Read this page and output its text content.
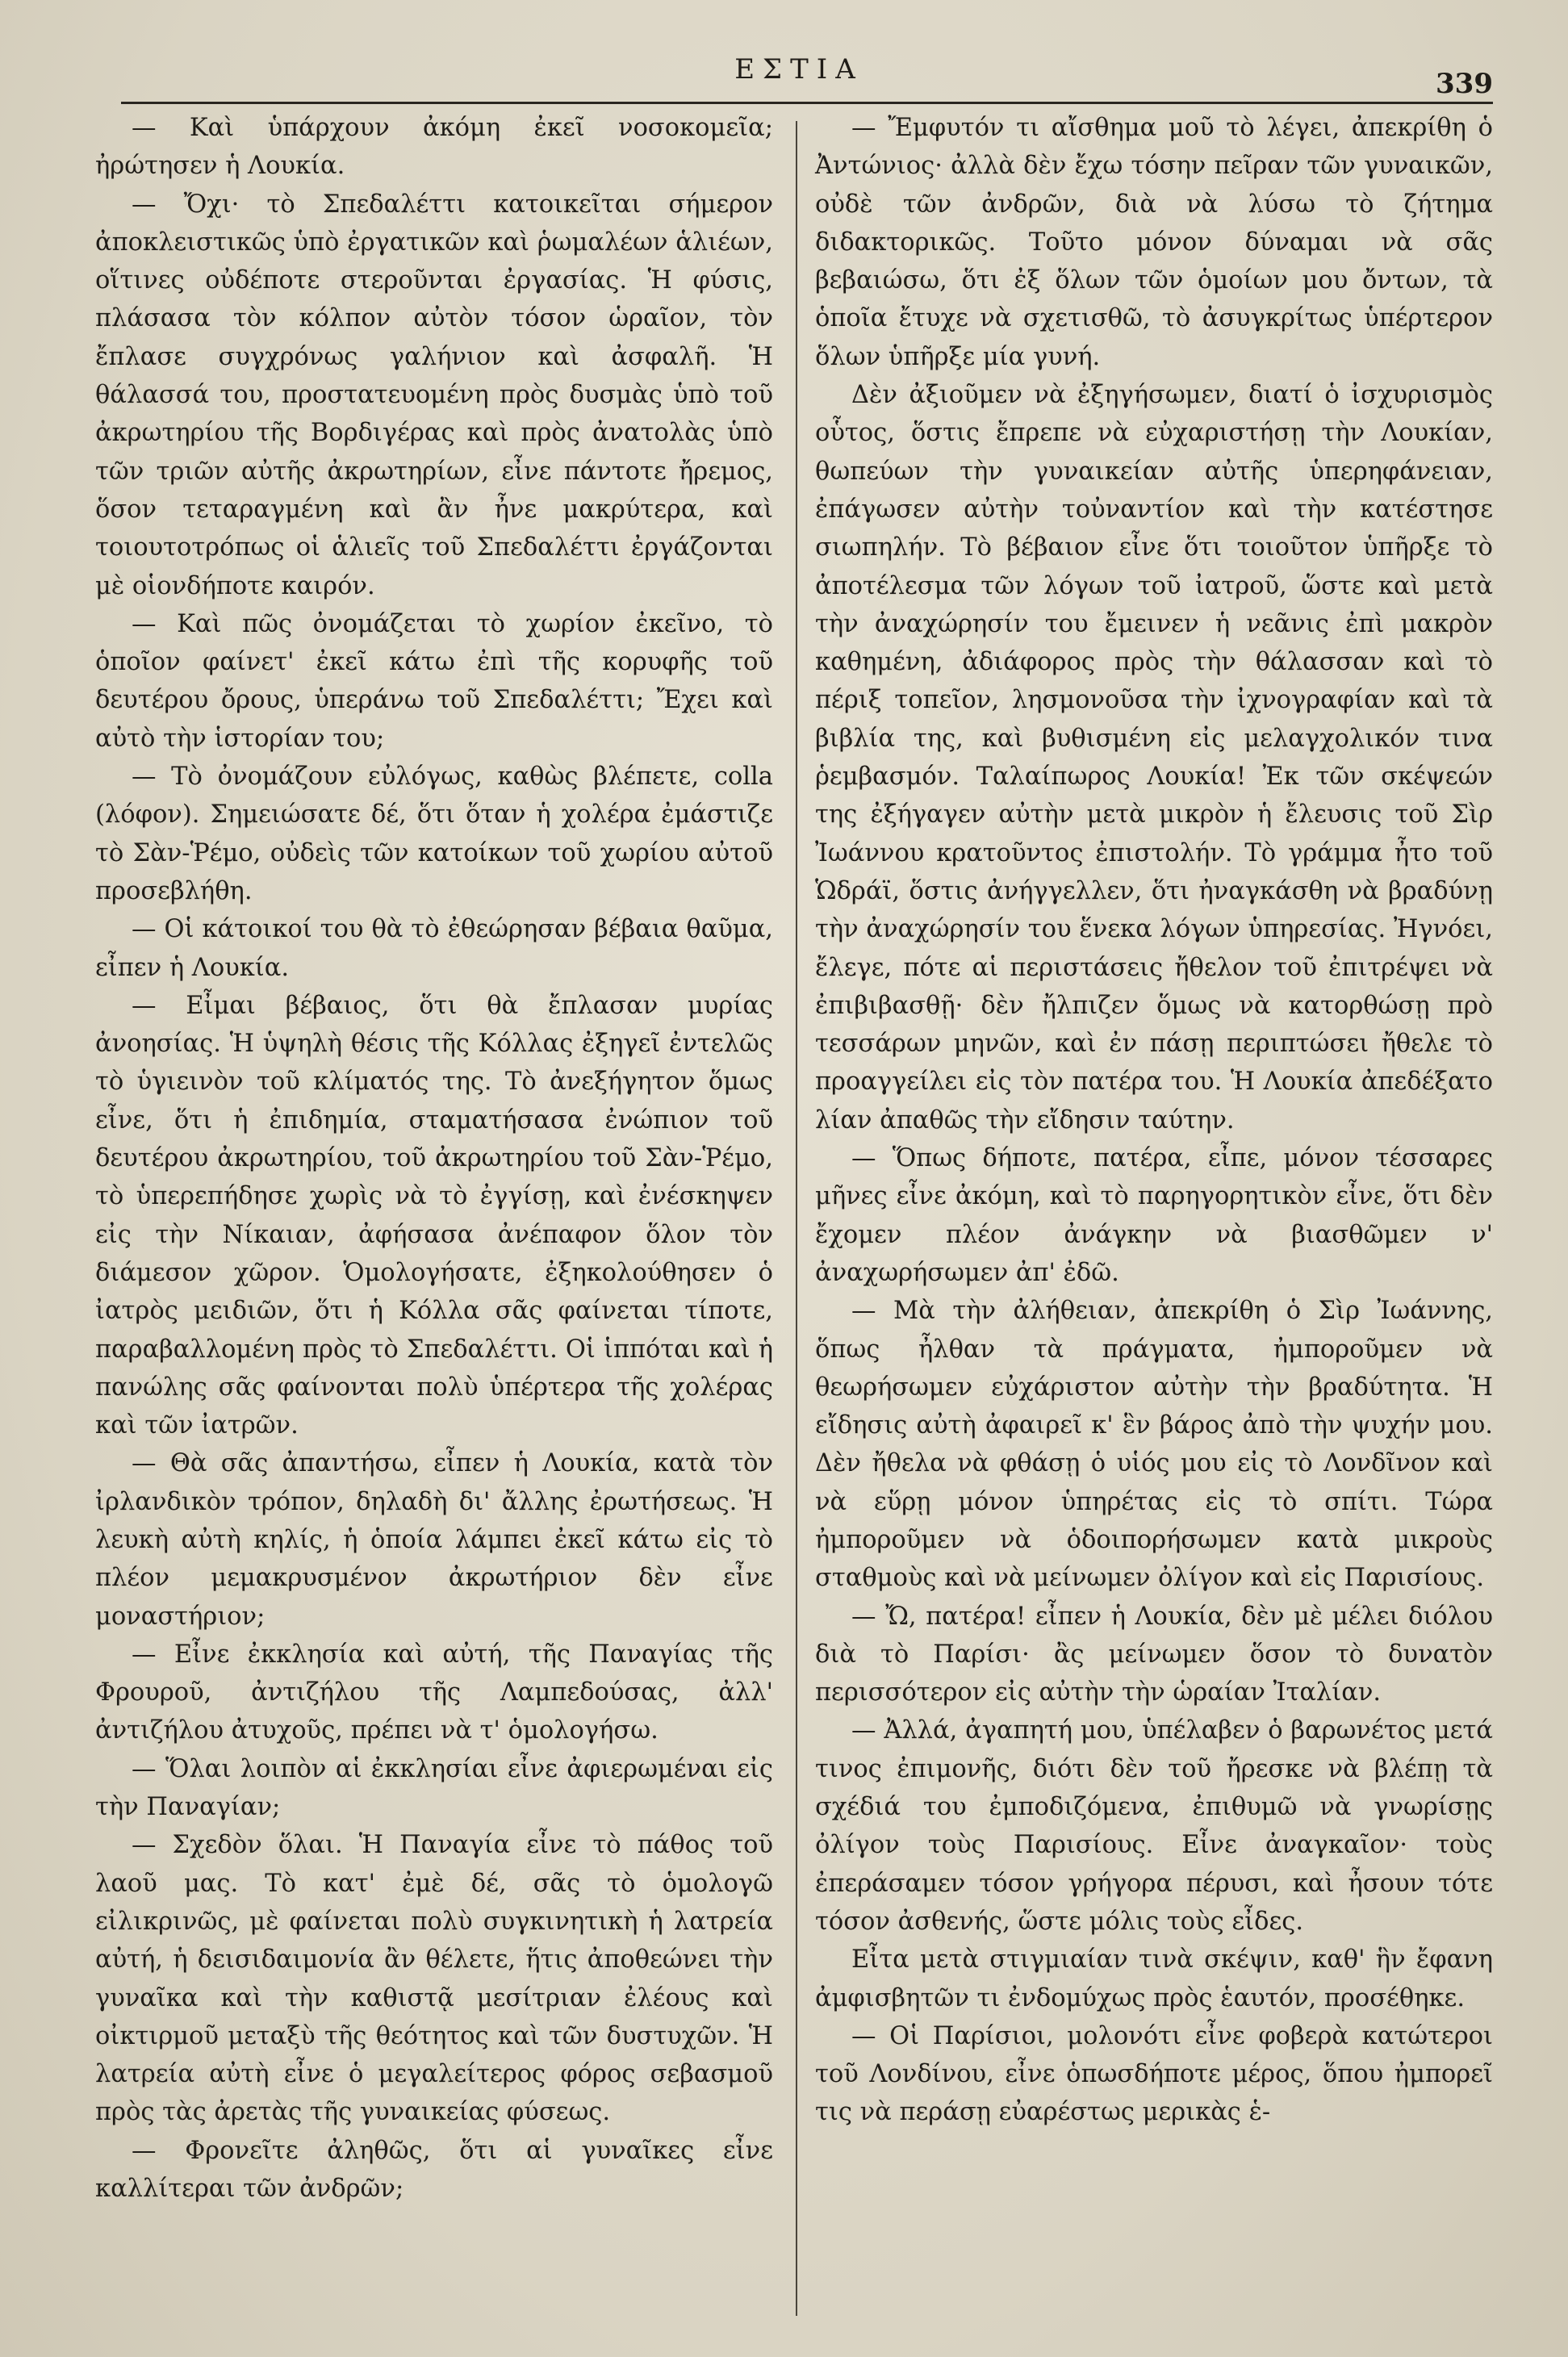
ΕΣΤΙΑ	339

— Καὶ ὑπάρχουν ἀκόμη ἐκεῖ νοσοκομεῖα; ἠρώτησεν ἡ Λουκία.

— Ὄχι· τὸ Σπεδαλέττι κατοικεῖται σήμερον ἀποκλειστικῶς ὑπὸ ἐργατικῶν καὶ ῥωμαλέων ἁλιέων, οἵτινες οὐδέποτε στεροῦνται ἐργασίας. Ἡ φύσις, πλάσασα τὸν κόλπον αὐτὸν τόσον ὡραῖον, τὸν ἔπλασε συγχρόνως γαλήνιον καὶ ἀσφαλῆ. Ἡ θάλασσά του, προστατευομένη πρὸς δυσμὰς ὑπὸ τοῦ ἀκρωτηρίου τῆς Βορδιγέρας καὶ πρὸς ἀνατολὰς ὑπὸ τῶν τριῶν αὐτῆς ἀκρωτηρίων, εἶνε πάντοτε ἤρεμος, ὅσον τεταραγμένη καὶ ἂν ἦνε μακρύτερα, καὶ τοιουτοτρόπως οἱ ἁλιεῖς τοῦ Σπεδαλέττι ἐργάζονται μὲ οἱονδήποτε καιρόν.

— Καὶ πῶς ὀνομάζεται τὸ χωρίον ἐκεῖνο, τὸ ὁποῖον φαίνετ' ἐκεῖ κάτω ἐπὶ τῆς κορυφῆς τοῦ δευτέρου ὄρους, ὑπεράνω τοῦ Σπεδαλέττι; Ἔχει καὶ αὐτὸ τὴν ἱστορίαν του;

— Τὸ ὀνομάζουν εὐλόγως, καθὼς βλέπετε, colla (λόφον). Σημειώσατε δέ, ὅτι ὅταν ἡ χολέρα ἐμάστιζε τὸ Σὰν-Ῥέμο, οὐδεὶς τῶν κατοίκων τοῦ χωρίου αὐτοῦ προσεβλήθη.

— Οἱ κάτοικοί του θὰ τὸ ἐθεώρησαν βέβαια θαῦμα, εἶπεν ἡ Λουκία.

— Εἶμαι βέβαιος, ὅτι θὰ ἔπλασαν μυρίας ἀνοησίας. Ἡ ὑψηλὴ θέσις τῆς Κόλλας ἐξηγεῖ ἐντελῶς τὸ ὑγιεινὸν τοῦ κλίματός της. Τὸ ἀνεξήγητον ὅμως εἶνε, ὅτι ἡ ἐπιδημία, σταματήσασα ἐνώπιον τοῦ δευτέρου ἀκρωτηρίου, τοῦ ἀκρωτηρίου τοῦ Σὰν-Ῥέμο, τὸ ὑπερεπήδησε χωρὶς νὰ τὸ ἐγγίσῃ, καὶ ἐνέσκηψεν εἰς τὴν Νίκαιαν, ἀφήσασα ἀνέπαφον ὅλον τὸν διάμεσον χῶρον. Ὁμολογήσατε, ἐξηκολούθησεν ὁ ἰατρὸς μειδιῶν, ὅτι ἡ Κόλλα σᾶς φαίνεται τίποτε, παραβαλλομένη πρὸς τὸ Σπεδαλέττι. Οἱ ἱππόται καὶ ἡ πανώλης σᾶς φαίνονται πολὺ ὑπέρτερα τῆς χολέρας καὶ τῶν ἰατρῶν.

— Θὰ σᾶς ἀπαντήσω, εἶπεν ἡ Λουκία, κατὰ τὸν ἰρλανδικὸν τρόπον, δηλαδὴ δι' ἄλλης ἐρωτήσεως. Ἡ λευκὴ αὐτὴ κηλίς, ἡ ὁποία λάμπει ἐκεῖ κάτω εἰς τὸ πλέον μεμακρυσμένον ἀκρωτήριον δὲν εἶνε μοναστήριον;

— Εἶνε ἐκκλησία καὶ αὐτή, τῆς Παναγίας τῆς Φρουροῦ, ἀντιζήλου τῆς Λαμπεδούσας, ἀλλ' ἀντιζήλου ἀτυχοῦς, πρέπει νὰ τ' ὁμολογήσω.

— Ὅλαι λοιπὸν αἱ ἐκκλησίαι εἶνε ἀφιερωμέναι εἰς τὴν Παναγίαν;

— Σχεδὸν ὅλαι. Ἡ Παναγία εἶνε τὸ πάθος τοῦ λαοῦ μας. Τὸ κατ' ἐμὲ δέ, σᾶς τὸ ὁμολογῶ εἰλικρινῶς, μὲ φαίνεται πολὺ συγκινητικὴ ἡ λατρεία αὐτή, ἡ δεισιδαιμονία ἂν θέλετε, ἥτις ἀποθεώνει τὴν γυναῖκα καὶ τὴν καθιστᾷ μεσίτριαν ἐλέους καὶ οἰκτιρμοῦ μεταξὺ τῆς θεότητος καὶ τῶν δυστυχῶν. Ἡ λατρεία αὐτὴ εἶνε ὁ μεγαλείτερος φόρος σεβασμοῦ πρὸς τὰς ἀρετὰς τῆς γυναικείας φύσεως.

— Φρονεῖτε ἀληθῶς, ὅτι αἱ γυναῖκες εἶνε καλλίτεραι τῶν ἀνδρῶν;

— Ἔμφυτόν τι αἴσθημα μοῦ τὸ λέγει, ἀπεκρίθη ὁ Ἀντώνιος· ἀλλὰ δὲν ἔχω τόσην πεῖραν τῶν γυναικῶν, οὐδὲ τῶν ἀνδρῶν, διὰ νὰ λύσω τὸ ζήτημα διδακτορικῶς. Τοῦτο μόνον δύναμαι νὰ σᾶς βεβαιώσω, ὅτι ἐξ ὅλων τῶν ὁμοίων μου ὄντων, τὰ ὁποῖα ἔτυχε νὰ σχετισθῶ, τὸ ἀσυγκρίτως ὑπέρτερον ὅλων ὑπῆρξε μία γυνή.

Δὲν ἀξιοῦμεν νὰ ἐξηγήσωμεν, διατί ὁ ἰσχυρισμὸς οὗτος, ὅστις ἔπρεπε νὰ εὐχαριστήσῃ τὴν Λουκίαν, θωπεύων τὴν γυναικείαν αὐτῆς ὑπερηφάνειαν, ἐπάγωσεν αὐτὴν τοὐναντίον καὶ τὴν κατέστησε σιωπηλήν. Τὸ βέβαιον εἶνε ὅτι τοιοῦτον ὑπῆρξε τὸ ἀποτέλεσμα τῶν λόγων τοῦ ἰατροῦ, ὥστε καὶ μετὰ τὴν ἀναχώρησίν του ἔμεινεν ἡ νεᾶνις ἐπὶ μακρὸν καθημένη, ἀδιάφορος πρὸς τὴν θάλασσαν καὶ τὸ πέριξ τοπεῖον, λησμονοῦσα τὴν ἰχνογραφίαν καὶ τὰ βιβλία της, καὶ βυθισμένη εἰς μελαγχολικόν τινα ῥεμβασμόν. Ταλαίπωρος Λουκία! Ἐκ τῶν σκέψεών της ἐξήγαγεν αὐτὴν μετὰ μικρὸν ἡ ἔλευσις τοῦ Σὶρ Ἰωάννου κρατοῦντος ἐπιστολήν. Τὸ γράμμα ἦτο τοῦ Ὡδράϊ, ὅστις ἀνήγγελλεν, ὅτι ἠναγκάσθη νὰ βραδύνῃ τὴν ἀναχώρησίν του ἕνεκα λόγων ὑπηρεσίας. Ἠγνόει, ἔλεγε, πότε αἱ περιστάσεις ἤθελον τοῦ ἐπιτρέψει νὰ ἐπιβιβασθῇ· δὲν ἤλπιζεν ὅμως νὰ κατορθώσῃ πρὸ τεσσάρων μηνῶν, καὶ ἐν πάσῃ περιπτώσει ἤθελε τὸ προαγγείλει εἰς τὸν πατέρα του. Ἡ Λουκία ἀπεδέξατο λίαν ἀπαθῶς τὴν εἴδησιν ταύτην.

— Ὅπως δήποτε, πατέρα, εἶπε, μόνον τέσσαρες μῆνες εἶνε ἀκόμη, καὶ τὸ παρηγορητικὸν εἶνε, ὅτι δὲν ἔχομεν πλέον ἀνάγκην νὰ βιασθῶμεν ν' ἀναχωρήσωμεν ἀπ' ἐδῶ.

— Μὰ τὴν ἀλήθειαν, ἀπεκρίθη ὁ Σὶρ Ἰωάννης, ὅπως ἦλθαν τὰ πράγματα, ἠμποροῦμεν νὰ θεωρήσωμεν εὐχάριστον αὐτὴν τὴν βραδύτητα. Ἡ εἴδησις αὐτὴ ἀφαιρεῖ κ' ἓν βάρος ἀπὸ τὴν ψυχήν μου. Δὲν ἤθελα νὰ φθάσῃ ὁ υἱός μου εἰς τὸ Λονδῖνον καὶ νὰ εὕρῃ μόνον ὑπηρέτας εἰς τὸ σπίτι. Τώρα ἠμποροῦμεν νὰ ὁδοιπορήσωμεν κατὰ μικροὺς σταθμοὺς καὶ νὰ μείνωμεν ὀλίγον καὶ εἰς Παρισίους.

— Ὤ, πατέρα! εἶπεν ἡ Λουκία, δὲν μὲ μέλει διόλου διὰ τὸ Παρίσι· ἂς μείνωμεν ὅσον τὸ δυνατὸν περισσότερον εἰς αὐτὴν τὴν ὡραίαν Ἰταλίαν.

— Ἀλλά, ἀγαπητή μου, ὑπέλαβεν ὁ βαρωνέτος μετά τινος ἐπιμονῆς, διότι δὲν τοῦ ἤρεσκε νὰ βλέπῃ τὰ σχέδιά του ἐμποδιζόμενα, ἐπιθυμῶ νὰ γνωρίσῃς ὀλίγον τοὺς Παρισίους. Εἶνε ἀναγκαῖον· τοὺς ἐπεράσαμεν τόσον γρήγορα πέρυσι, καὶ ἦσουν τότε τόσον ἀσθενής, ὥστε μόλις τοὺς εἶδες.

Εἶτα μετὰ στιγμιαίαν τινὰ σκέψιν, καθ' ἣν ἔφανη ἀμφισβητῶν τι ἐνδομύχως πρὸς ἑαυτόν, προσέθηκε.

— Οἱ Παρίσιοι, μολονότι εἶνε φοβερὰ κατώτεροι τοῦ Λονδίνου, εἶνε ὁπωσδήποτε μέρος, ὅπου ἠμπορεῖ τις νὰ περάσῃ εὐαρέστως μερικὰς ἑ-
